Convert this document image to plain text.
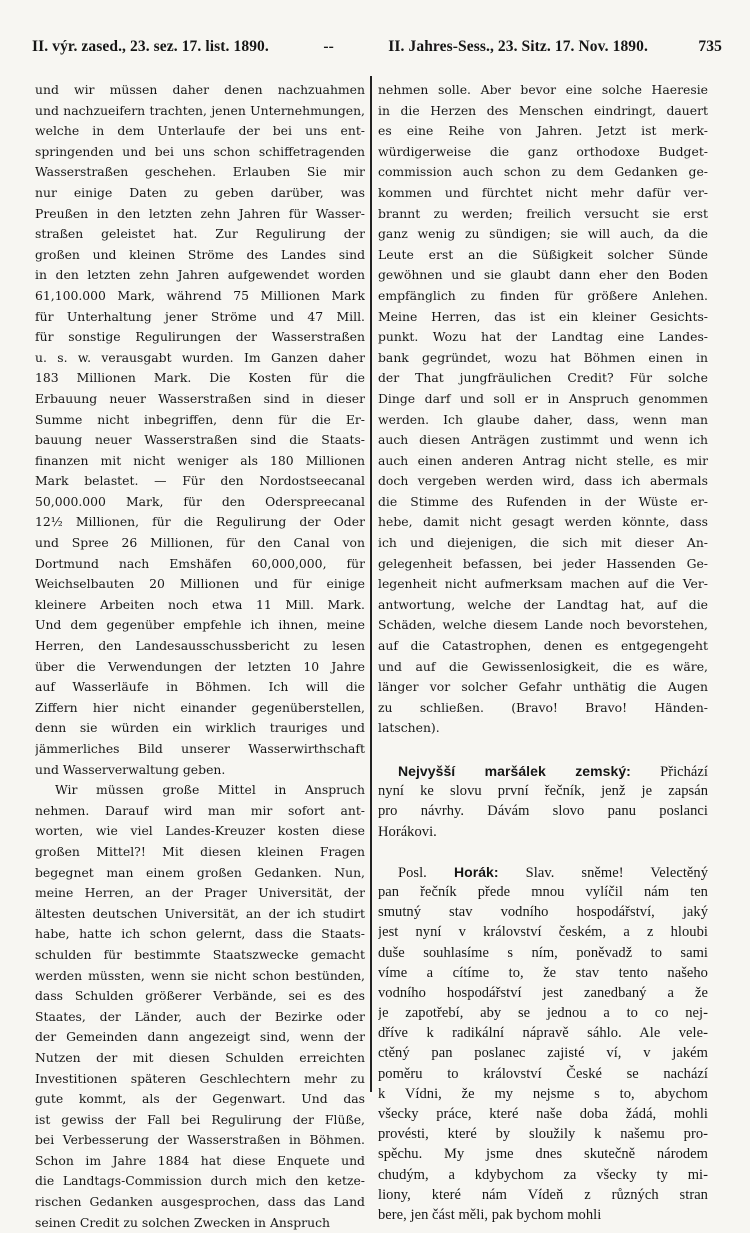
II. výr. zased., 23. sez. 17. list. 1890.	--	II. Jahres-Sess., 23. Sitz. 17. Nov. 1890.	735
und wir müssen daher denen nachzuahmen
und nachzueifern trachten, jenen Unternehmungen,
welche in dem Unterlaufe der bei uns ent-
springenden und bei uns schon schiffetragenden
Wasserstraßen geschehen. Erlauben Sie mir
nur einige Daten zu geben darüber, was
Preußen in den letzten zehn Jahren für Wasser-
straßen geleistet hat. Zur Regulirung der
großen und kleinen Ströme des Landes sind
in den letzten zehn Jahren aufgewendet worden
61,100.000 Mark, während 75 Millionen Mark
für Unterhaltung jener Ströme und 47 Mill.
für sonstige Regulirungen der Wasserstraßen
u. s. w. verausgabt wurden. Im Ganzen daher
183 Millionen Mark. Die Kosten für die
Erbauung neuer Wasserstraßen sind in dieser
Summe nicht inbegriffen, denn für die Er-
bauung neuer Wasserstraßen sind die Staats-
finanzen mit nicht weniger als 180 Millionen
Mark belastet. — Für den Nordostseecanal
50,000.000 Mark, für den Oderspreecanal
12½ Millionen, für die Regulirung der Oder
und Spree 26 Millionen, für den Canal von
Dortmund nach Emshäfen 60,000,000, für
Weichselbauten 20 Millionen und für einige
kleinere Arbeiten noch etwa 11 Mill. Mark.
Und dem gegenüber empfehle ich ihnen, meine
Herren, den Landesausschussbericht zu lesen
über die Verwendungen der letzten 10 Jahre
auf Wasserläufe in Böhmen. Ich will die
Ziffern hier nicht einander gegenüberstellen,
denn sie würden ein wirklich trauriges und
jämmerliches Bild unserer Wasserwirthschaft
und Wasserverwaltung geben.
Wir müssen große Mittel in Anspruch
nehmen. Darauf wird man mir sofort ant-
worten, wie viel Landes-Kreuzer kosten diese
großen Mittel?! Mit diesen kleinen Fragen
begegnet man einem großen Gedanken. Nun,
meine Herren, an der Prager Universität, der
ältesten deutschen Universität, an der ich studirt
habe, hatte ich schon gelernt, dass die Staats-
schulden für bestimmte Staatszwecke gemacht
werden müssten, wenn sie nicht schon bestünden,
dass Schulden größerer Verbände, sei es des
Staates, der Länder, auch der Bezirke oder
der Gemeinden dann angezeigt sind, wenn der
Nutzen der mit diesen Schulden erreichten
Investitionen späteren Geschlechtern mehr zu
gute kommt, als der Gegenwart. Und das
ist gewiss der Fall bei Regulirung der Flüße,
bei Verbesserung der Wasserstraßen in Böhmen.
Schon im Jahre 1884 hat diese Enquete und
die Landtags-Commission durch mich den ketze-
rischen Gedanken ausgesprochen, dass das Land
seinen Credit zu solchen Zwecken in Anspruch
nehmen solle. Aber bevor eine solche Haeresie
in die Herzen des Menschen eindringt, dauert
es eine Reihe von Jahren. Jetzt ist merk-
würdigerweise die ganz orthodoxe Budget-
commission auch schon zu dem Gedanken ge-
kommen und fürchtet nicht mehr dafür ver-
brannt zu werden; freilich versucht sie erst
ganz wenig zu sündigen; sie will auch, da die
Leute erst an die Süßigkeit solcher Sünde
gewöhnen und sie glaubt dann eher den Boden
empfänglich zu finden für größere Anlehen.
Meine Herren, das ist ein kleiner Gesichts-
punkt. Wozu hat der Landtag eine Landes-
bank gegründet, wozu hat Böhmen einen in
der That jungfräulichen Credit? Für solche
Dinge darf und soll er in Anspruch genommen
werden. Ich glaube daher, dass, wenn man
auch diesen Anträgen zustimmt und wenn ich
auch einen anderen Antrag nicht stelle, es mir
doch vergeben werden wird, dass ich abermals
die Stimme des Rufenden in der Wüste er-
hebe, damit nicht gesagt werden könnte, dass
ich und diejenigen, die sich mit dieser An-
gelegenheit befassen, bei jeder Hassenden Ge-
legenheit nicht aufmerksam machen auf die Ver-
antwortung, welche der Landtag hat, auf die
Schäden, welche diesem Lande noch bevorstehen,
auf die Catastrophen, denen es entgegengeht
und auf die Gewissenlosigkeit, die es wäre,
länger vor solcher Gefahr unthätig die Augen
zu schließen. (Bravo! Bravo! Händen-
latschen).
Nejvyšší maršálek zemský: Přichází
nyní ke slovu první řečník, jenž je zapsán
pro návrhy. Dávám slovo panu poslanci
Horákovi.
Posl. Horák: Slav. sněme! Velectěný
pan řečník přede mnou vylíčil nám ten
smutný stav vodního hospodářství, jaký
jest nyní v království českém, a z hloubi
duše souhlasíme s ním, poněvadž to sami
víme a cítíme to, že stav tento našeho
vodního hospodářství jest zanedbaný a že
je zapotřebí, aby se jednou a to co nej-
dříve k radikální nápravě sáhlo. Ale vele-
ctěný pan poslanec zajisté ví, v jakém
poměru to království České se nachází
k Vídni, že my nejsme s to, abychom
všecky práce, které naše doba žádá, mohli
provésti, které by sloužily k našemu pro-
spěchu. My jsme dnes skutečně národem
chudým, a kdybychom za všecky ty mi-
liony, které nám Vídeň z různých stran
bere, jen část měli, pak bychom mohli
